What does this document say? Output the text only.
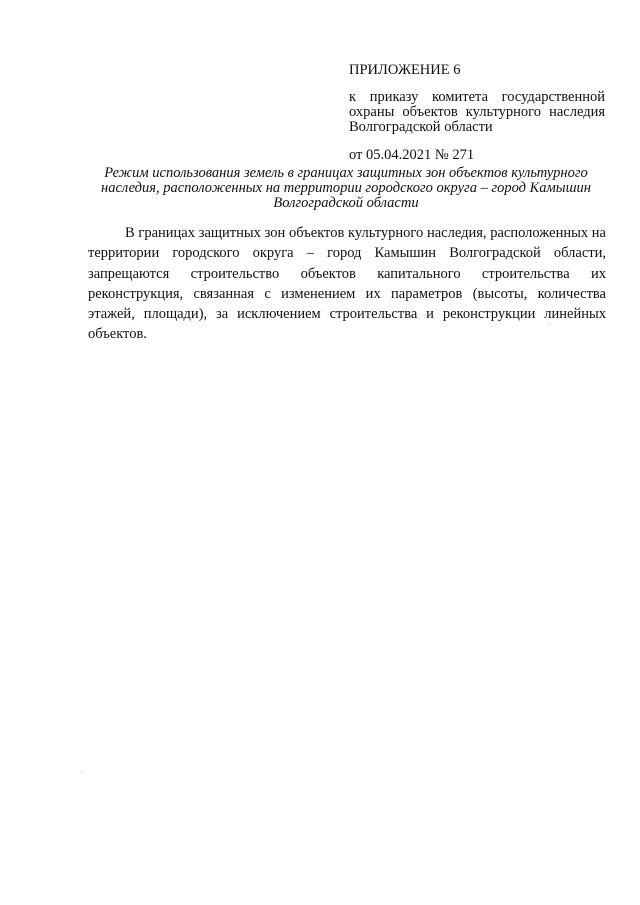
ПРИЛОЖЕНИЕ 6

к приказу комитета государственной охраны объектов культурного наследия Волгоградской области

от 05.04.2021 № 271

Режим использования земель в границах защитных зон объектов культурного наследия, расположенных на территории городского округа – город Камышин Волгоградской области

В границах защитных зон объектов культурного наследия, расположенных на территории городского округа – город Камышин Волгоградской области, запрещаются строительство объектов капитального строительства их реконструкция, связанная с изменением их параметров (высоты, количества этажей, площади), за исключением строительства и реконструкции линейных объектов.
